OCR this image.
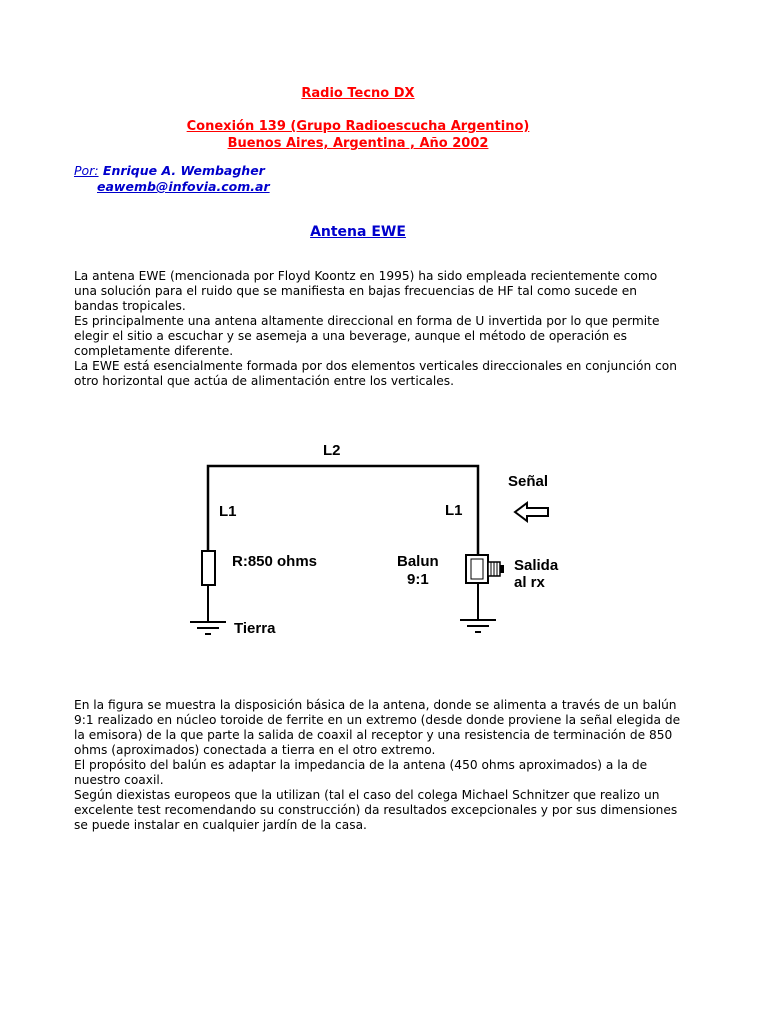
Radio Tecno DX
Conexión 139 (Grupo Radioescucha Argentino)
Buenos Aires, Argentina , Año 2002
Por: Enrique A. Wembagher
eawemb@infovia.com.ar
Antena EWE
La antena EWE (mencionada por Floyd Koontz en 1995) ha sido empleada recientemente como
una solución para el ruido que se manifiesta en bajas frecuencias de HF tal como sucede en
bandas tropicales.
Es principalmente una antena altamente direccional en forma de U invertida por lo que permite
elegir el sitio a escuchar y se asemeja a una beverage, aunque el método de operación es
completamente diferente.
La EWE está esencialmente formada por dos elementos verticales direccionales en conjunción con
otro horizontal que actúa de alimentación entre los verticales.
L2
L1	L1
Señal
R:850 ohms	Balun
9:1
Salida
al rx
Tierra
En la figura se muestra la disposición básica de la antena, donde se alimenta a través de un balún
9:1 realizado en núcleo toroide de ferrite en un extremo (desde donde proviene la señal elegida de
la emisora) de la que parte la salida de coaxil al receptor y una resistencia de terminación de 850
ohms (aproximados) conectada a tierra en el otro extremo.
El propósito del balún es adaptar la impedancia de la antena (450 ohms aproximados) a la de
nuestro coaxil.
Según diexistas europeos que la utilizan (tal el caso del colega Michael Schnitzer que realizo un
excelente test recomendando su construcción) da resultados excepcionales y por sus dimensiones
se puede instalar en cualquier jardín de la casa.
